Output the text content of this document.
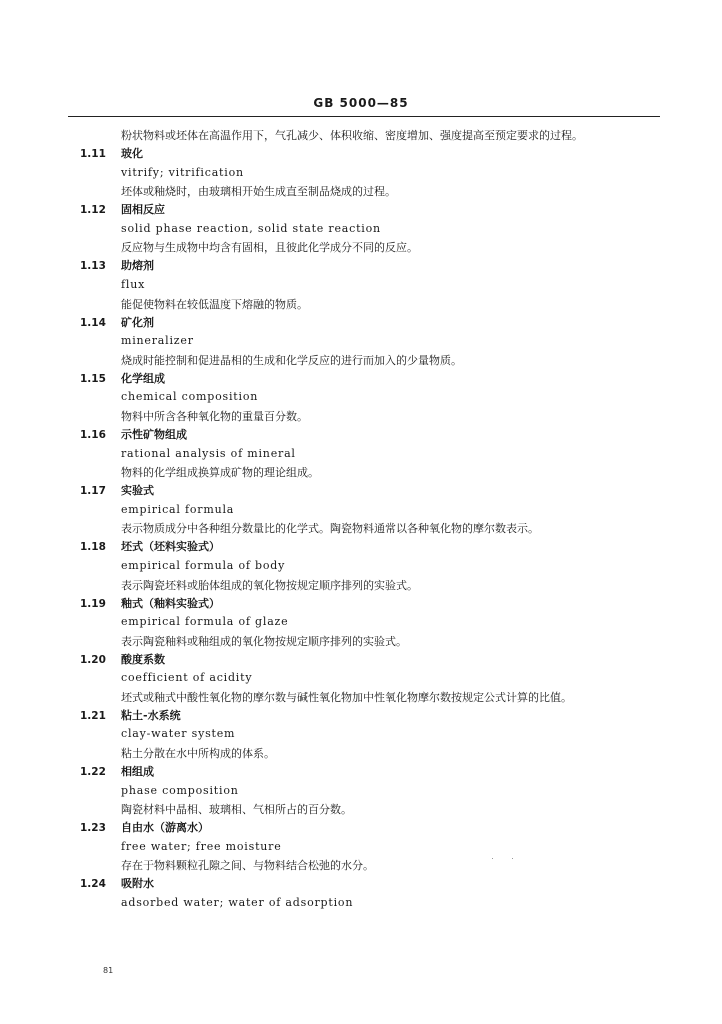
GB 5000—85
粉状物料或坯体在高温作用下，气孔减少、体积收缩、密度增加、强度提高至预定要求的过程。
1.11	玻化
vitrify; vitrification
坯体或釉烧时，由玻璃相开始生成直至制品烧成的过程。
1.12	固相反应
solid phase reaction, solid state reaction
反应物与生成物中均含有固相，且彼此化学成分不同的反应。
1.13	助熔剂
flux
能促使物料在较低温度下熔融的物质。
1.14	矿化剂
mineralizer
烧成时能控制和促进晶相的生成和化学反应的进行而加入的少量物质。
1.15	化学组成
chemical composition
物料中所含各种氧化物的重量百分数。
1.16	示性矿物组成
rational analysis of mineral
物料的化学组成换算成矿物的理论组成。
1.17	实验式
empirical formula
表示物质成分中各种组分数量比的化学式。陶瓷物料通常以各种氧化物的摩尔数表示。
1.18	坯式（坯料实验式）
empirical formula of body
表示陶瓷坯料或胎体组成的氧化物按规定顺序排列的实验式。
1.19	釉式（釉料实验式）
empirical formula of glaze
表示陶瓷釉料或釉组成的氧化物按规定顺序排列的实验式。
1.20	酸度系数
coefficient of acidity
坯式或釉式中酸性氧化物的摩尔数与碱性氧化物加中性氧化物摩尔数按规定公式计算的比值。
1.21	粘土-水系统
clay-water system
粘土分散在水中所构成的体系。
1.22	相组成
phase composition
陶瓷材料中晶相、玻璃相、气相所占的百分数。
1.23	自由水（游离水）
free water; free moisture
存在于物料颗粒孔隙之间、与物料结合松弛的水分。
1.24	吸附水
adsorbed water; water of adsorption
81
